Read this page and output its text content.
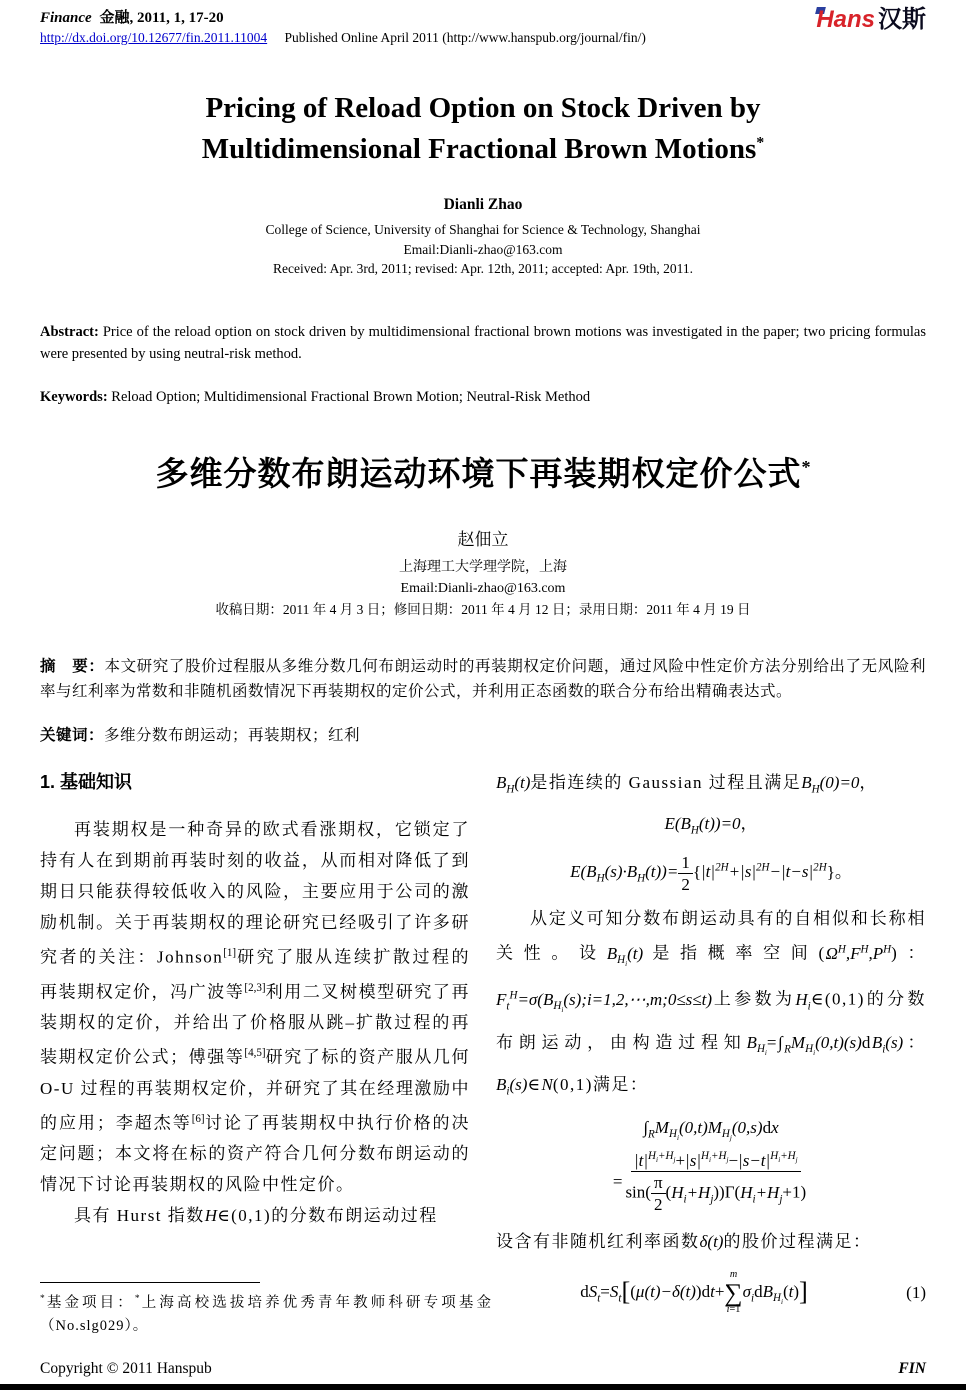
Finance 金融, 2011, 1, 17-20
http://dx.doi.org/10.12677/fin.2011.11004 Published Online April 2011 (http://www.hanspub.org/journal/fin/)
Hans 汉斯
Pricing of Reload Option on Stock Driven by
Multidimensional Fractional Brown Motions*
Dianli Zhao
College of Science, University of Shanghai for Science & Technology, Shanghai
Email:Dianli-zhao@163.com
Received: Apr. 3rd, 2011; revised: Apr. 12th, 2011; accepted: Apr. 19th, 2011.
Abstract: Price of the reload option on stock driven by multidimensional fractional brown motions was investigated in the paper; two pricing formulas were presented by using neutral-risk method.
Keywords: Reload Option; Multidimensional Fractional Brown Motion; Neutral-Risk Method
多维分数布朗运动环境下再装期权定价公式*
赵佃立
上海理工大学理学院，上海
Email:Dianli-zhao@163.com
收稿日期：2011 年 4 月 3 日；修回日期：2011 年 4 月 12 日；录用日期：2011 年 4 月 19 日
摘　要：本文研究了股价过程服从多维分数几何布朗运动时的再装期权定价问题，通过风险中性定价方法分别给出了无风险利率与红利率为常数和非随机函数情况下再装期权的定价公式，并利用正态函数的联合分布给出精确表达式。
关键词：多维分数布朗运动；再装期权；红利
1. 基础知识

再装期权是一种奇异的欧式看涨期权，它锁定了持有人在到期前再装时刻的收益，从而相对降低了到期日只能获得较低收入的风险，主要应用于公司的激励机制。关于再装期权的理论研究已经吸引了许多研究者的关注：Johnson[1]研究了服从连续扩散过程的再装期权定价，冯广波等[2,3]利用二叉树模型研究了再装期权的定价，并给出了价格服从跳–扩散过程的再装期权定价公式；傅强等[4,5]研究了标的资产服从几何 O-U 过程的再装期权定价，并研究了其在经理激励中的应用；李超杰等[6]讨论了再装期权中执行价格的决定问题；本文将在标的资产符合几何分数布朗运动的情况下讨论再装期权的风险中性定价。

具有 Hurst 指数H∈(0,1)的分数布朗运动过程

$B_H(t)$是指连续的 Gaussian 过程且满足$B_H(0)=0$，

$E(B_H(t))=0$，
$E(B_H(s)\cdot B_H(t))= \frac{1}{2} \{|t|^{2H}+|s|^{2H}-|t-s|^{2H}\}$。

从定义可知分数布朗运动具有的自相似和长称相关性。设$B_{H_i}(t)$是指概率空间$(\Omega^H,F^H,P^H)$：$F_t^H=\sigma(B_{H_i}(s);i=1,2,\cdots,m;0\le s\le t)$上参数为$H_i\in(0,1)$的分数布朗运动，由构造过程知$B_{H_i}=\int_RM_{H_i}(0,t)(s)dB_i(s)$：$B_i(s)\in N(0,1)$满足：

$\int_RM_{H_i}(0,t)M_{H_j}(0,s)dx$
= $\frac{|t|^{H_i+H_j}+|s|^{H_i+H_j}-|s-t|^{H_i+H_j}}{\sin( \frac{\pi}{2} (H_i+H_j))\Gamma(H_i+H_j+1)}$

设含有非随机红利率函数δ(t)的股价过程满足：

$dS_t=S_t[(\mu(t)-\delta(t))dt+$
m
∑
i=1
$\sigma_idB_{H_i}(t)$]	(1)
*基金项目：*上海高校选拔培养优秀青年教师科研专项基金（No.slg029）。
Copyright © 2011 Hanspub	FIN
